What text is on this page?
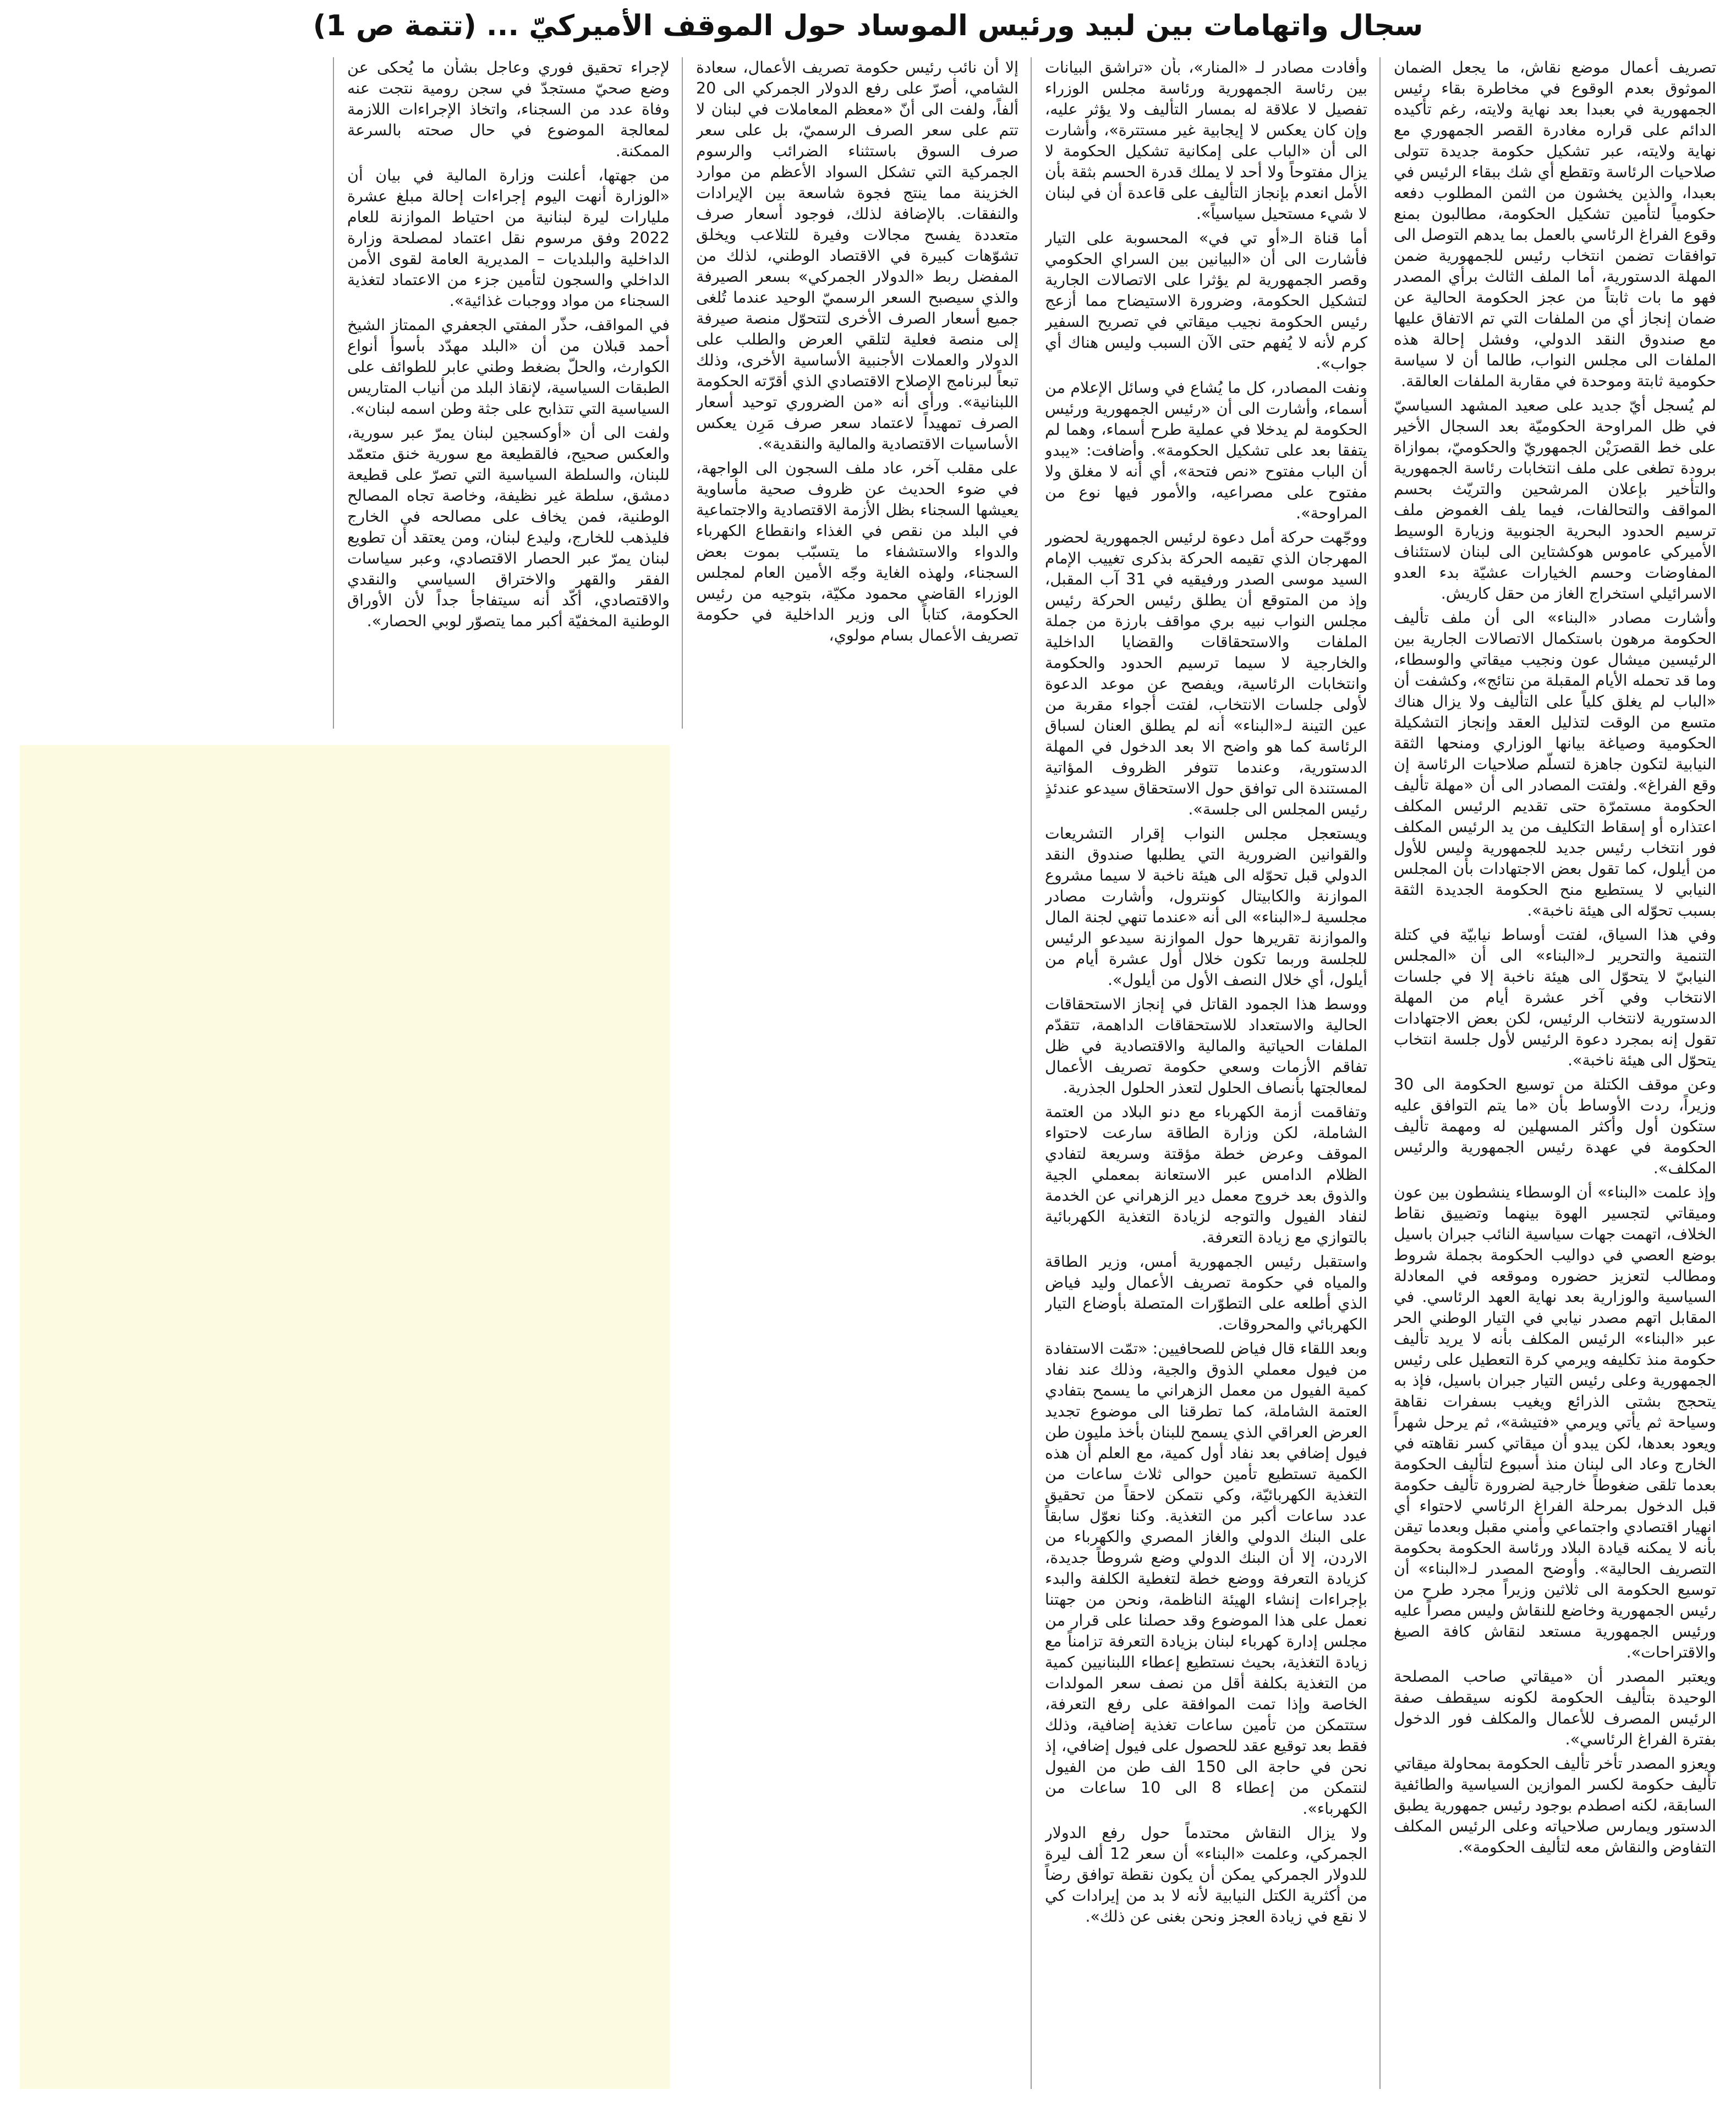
سجال واتهامات بين لبيد ورئيس الموساد حول الموقف الأميركيّ ... (تتمة ص 1)

تصريف أعمال موضع نقاش، ما يجعل الضمان الموثوق بعدم الوقوع في مخاطرة بقاء رئيس الجمهورية في بعبدا بعد نهاية ولايته، رغم تأكيده الدائم على قراره مغادرة القصر الجمهوري مع نهاية ولايته، عبر تشكيل حكومة جديدة تتولى صلاحيات الرئاسة وتقطع أي شك ببقاء الرئيس في بعبدا، والذين يخشون من الثمن المطلوب دفعه حكومياً لتأمين تشكيل الحكومة، مطالبون بمنع وقوع الفراغ الرئاسي بالعمل بما يدهم التوصل الى توافقات تضمن انتخاب رئيس للجمهورية ضمن المهلة الدستورية، أما الملف الثالث برأي المصدر فهو ما بات ثابتاً من عجز الحكومة الحالية عن ضمان إنجاز أي من الملفات التي تم الاتفاق عليها مع صندوق النقد الدولي، وفشل إحالة هذه الملفات الى مجلس النواب، طالما أن لا سياسة حكومية ثابتة وموحدة في مقاربة الملفات العالقة.

لم يُسجل أيّ جديد على صعيد المشهد السياسيّ في ظل المراوحة الحكوميّة بعد السجال الأخير على خط القصرَيْن الجمهوريّ والحكوميّ، بموازاة برودة تطغى على ملف انتخابات رئاسة الجمهورية والتأخير بإعلان المرشحين والتريّث بحسم المواقف والتحالفات، فيما يلف الغموض ملف ترسيم الحدود البحرية الجنوبية وزيارة الوسيط الأميركي عاموس هوكشتاين الى لبنان لاستئناف المفاوضات وحسم الخيارات عشيّة بدء العدو الاسرائيلي استخراج الغاز من حقل كاريش.

وأشارت مصادر «البناء» الى أن ملف تأليف الحكومة مرهون باستكمال الاتصالات الجارية بين الرئيسين ميشال عون ونجيب ميقاتي والوسطاء، وما قد تحمله الأيام المقبلة من نتائج»، وكشفت أن «الباب لم يغلق كلياً على التأليف ولا يزال هناك متسع من الوقت لتذليل العقد وإنجاز التشكيلة الحكومية وصياغة بيانها الوزاري ومنحها الثقة النيابية لتكون جاهزة لتسلّم صلاحيات الرئاسة إن وقع الفراغ». ولفتت المصادر الى أن «مهلة تأليف الحكومة مستمرّة حتى تقديم الرئيس المكلف اعتذاره أو إسقاط التكليف من يد الرئيس المكلف فور انتخاب رئيس جديد للجمهورية وليس للأول من أيلول، كما تقول بعض الاجتهادات بأن المجلس النيابي لا يستطيع منح الحكومة الجديدة الثقة بسبب تحوّله الى هيئة ناخبة».

وفي هذا السياق، لفتت أوساط نيابيّة في كتلة التنمية والتحرير لـ«البناء» الى أن «المجلس النيابيّ لا يتحوّل الى هيئة ناخبة إلا في جلسات الانتخاب وفي آخر عشرة أيام من المهلة الدستورية لانتخاب الرئيس، لكن بعض الاجتهادات تقول إنه بمجرد دعوة الرئيس لأول جلسة انتخاب يتحوّل الى هيئة ناخبة».

وعن موقف الكتلة من توسيع الحكومة الى 30 وزيراً، ردت الأوساط بأن «ما يتم التوافق عليه ستكون أول وأكثر المسهلين له ومهمة تأليف الحكومة في عهدة رئيس الجمهورية والرئيس المكلف».

وإذ علمت «البناء» أن الوسطاء ينشطون بين عون وميقاتي لتجسير الهوة بينهما وتضييق نقاط الخلاف، اتهمت جهات سياسية النائب جبران باسيل بوضع العصي في دواليب الحكومة بجملة شروط ومطالب لتعزيز حضوره وموقعه في المعادلة السياسية والوزارية بعد نهاية العهد الرئاسي. في المقابل اتهم مصدر نيابي في التيار الوطني الحر عبر «البناء» الرئيس المكلف بأنه لا يريد تأليف حكومة منذ تكليفه ويرمي كرة التعطيل على رئيس الجمهورية وعلى رئيس التيار جبران باسيل، فإذ به يتحجج بشتى الذرائع ويغيب بسفرات نقاهة وسياحة ثم يأتي ويرمي «فتيشة»، ثم يرحل شهراً ويعود بعدها، لكن يبدو أن ميقاتي كسر نقاهته في الخارج وعاد الى لبنان منذ أسبوع لتأليف الحكومة بعدما تلقى ضغوطاً خارجية لضرورة تأليف حكومة قبل الدخول بمرحلة الفراغ الرئاسي لاحتواء أي انهيار اقتصادي واجتماعي وأمني مقبل وبعدما تيقن بأنه لا يمكنه قيادة البلاد ورئاسة الحكومة بحكومة التصريف الحالية». وأوضح المصدر لـ«البناء» أن توسيع الحكومة الى ثلاثين وزيراً مجرد طرح من رئيس الجمهورية وخاضع للنقاش وليس مصراً عليه ورئيس الجمهورية مستعد لنقاش كافة الصيغ والاقتراحات».

ويعتبر المصدر أن «ميقاتي صاحب المصلحة الوحيدة بتأليف الحكومة لكونه سيقطف صفة الرئيس المصرف للأعمال والمكلف فور الدخول بفترة الفراغ الرئاسي».

ويعزو المصدر تأخر تأليف الحكومة بمحاولة ميقاتي تأليف حكومة لكسر الموازين السياسية والطائفية السابقة، لكنه اصطدم بوجود رئيس جمهورية يطبق الدستور ويمارس صلاحياته وعلى الرئيس المكلف التفاوض والنقاش معه لتأليف الحكومة».

وأفادت مصادر لـ «المنار»، بأن «تراشق البيانات بين رئاسة الجمهورية ورئاسة مجلس الوزراء تفصيل لا علاقة له بمسار التأليف ولا يؤثر عليه، وإن كان يعكس لا إيجابية غير مستترة»، وأشارت الى أن «الباب على إمكانية تشكيل الحكومة لا يزال مفتوحاً ولا أحد لا يملك قدرة الحسم بثقة بأن الأمل انعدم بإنجاز التأليف على قاعدة أن في لبنان لا شيء مستحيل سياسياً».

أما قناة الـ«أو تي في» المحسوبة على التيار فأشارت الى أن «البيانين بين السراي الحكومي وقصر الجمهورية لم يؤثرا على الاتصالات الجارية لتشكيل الحكومة، وضرورة الاستيضاح مما أزعج رئيس الحكومة نجيب ميقاتي في تصريح السفير كرم لأنه لا يُفهم حتى الآن السبب وليس هناك أي جواب».

ونفت المصادر، كل ما يُشاع في وسائل الإعلام من أسماء، وأشارت الى أن «رئيس الجمهورية ورئيس الحكومة لم يدخلا في عملية طرح أسماء، وهما لم يتفقا بعد على تشكيل الحكومة». وأضافت: «يبدو أن الباب مفتوح «نص فتحة»، أي أنه لا مغلق ولا مفتوح على مصراعيه، والأمور فيها نوع من المراوحة».

ووجّهت حركة أمل دعوة لرئيس الجمهورية لحضور المهرجان الذي تقيمه الحركة بذكرى تغييب الإمام السيد موسى الصدر ورفيقيه في 31 آب المقبل، وإذ من المتوقع أن يطلق رئيس الحركة رئيس مجلس النواب نبيه بري مواقف بارزة من جملة الملفات والاستحقاقات والقضايا الداخلية والخارجية لا سيما ترسيم الحدود والحكومة وانتخابات الرئاسية، ويفصح عن موعد الدعوة لأولى جلسات الانتخاب، لفتت أجواء مقربة من عين التينة لـ«البناء» أنه لم يطلق العنان لسباق الرئاسة كما هو واضح الا بعد الدخول في المهلة الدستورية، وعندما تتوفر الظروف المؤاتية المستندة الى توافق حول الاستحقاق سيدعو عندئذٍ رئيس المجلس الى جلسة».

ويستعجل مجلس النواب إقرار التشريعات والقوانين الضرورية التي يطلبها صندوق النقد الدولي قبل تحوّله الى هيئة ناخبة لا سيما مشروع الموازنة والكابيتال كونترول، وأشارت مصادر مجلسية لـ«البناء» الى أنه «عندما تنهي لجنة المال والموازنة تقريرها حول الموازنة سيدعو الرئيس للجلسة وربما تكون خلال أول عشرة أيام من أيلول، أي خلال النصف الأول من أيلول».

ووسط هذا الجمود القاتل في إنجاز الاستحقاقات الحالية والاستعداد للاستحقاقات الداهمة، تتقدّم الملفات الحياتية والمالية والاقتصادية في ظل تفاقم الأزمات وسعي حكومة تصريف الأعمال لمعالجتها بأنصاف الحلول لتعذر الحلول الجذرية.

وتفاقمت أزمة الكهرباء مع دنو البلاد من العتمة الشاملة، لكن وزارة الطاقة سارعت لاحتواء الموقف وعرض خطة مؤقتة وسريعة لتفادي الظلام الدامس عبر الاستعانة بمعملي الجية والذوق بعد خروج معمل دير الزهراني عن الخدمة لنفاد الفيول والتوجه لزيادة التغذية الكهربائية بالتوازي مع زيادة التعرفة.

واستقبل رئيس الجمهورية أمس، وزير الطاقة والمياه في حكومة تصريف الأعمال وليد فياض الذي أطلعه على التطوّرات المتصلة بأوضاع التيار الكهربائي والمحروقات.

وبعد اللقاء قال فياض للصحافيين: «تمّت الاستفادة من فيول معملي الذوق والجية، وذلك عند نفاد كمية الفيول من معمل الزهراني ما يسمح بتفادي العتمة الشاملة، كما تطرقنا الى موضوع تجديد العرض العراقي الذي يسمح للبنان بأخذ مليون طن فيول إضافي بعد نفاد أول كمية، مع العلم أن هذه الكمية تستطيع تأمين حوالى ثلاث ساعات من التغذية الكهربائيّة، وكي نتمكن لاحقاً من تحقيق عدد ساعات أكبر من التغذية. وكنا نعوّل سابقاً على البنك الدولي والغاز المصري والكهرباء من الاردن، إلا أن البنك الدولي وضع شروطاً جديدة، كزيادة التعرفة ووضع خطة لتغطية الكلفة والبدء بإجراءات إنشاء الهيئة الناظمة، ونحن من جهتنا نعمل على هذا الموضوع وقد حصلنا على قرار من مجلس إدارة كهرباء لبنان بزيادة التعرفة تزامناً مع زيادة التغذية، بحيث نستطيع إعطاء اللبنانيين كمية من التغذية بكلفة أقل من نصف سعر المولدات الخاصة وإذا تمت الموافقة على رفع التعرفة، ستتمكن من تأمين ساعات تغذية إضافية، وذلك فقط بعد توقيع عقد للحصول على فيول إضافي، إذ نحن في حاجة الى 150 الف طن من الفيول لنتمكن من إعطاء 8 الى 10 ساعات من الكهرباء».

ولا يزال النقاش محتدماً حول رفع الدولار الجمركي، وعلمت «البناء» أن سعر 12 ألف ليرة للدولار الجمركي يمكن أن يكون نقطة توافق رضاً من أكثرية الكتل النيابية لأنه لا بد من إيرادات كي لا نقع في زيادة العجز ونحن بغنى عن ذلك».

إلا أن نائب رئيس حكومة تصريف الأعمال، سعادة الشامي، أصرّ على رفع الدولار الجمركي الى 20 ألفاً، ولفت الى أنّ «معظم المعاملات في لبنان لا تتم على سعر الصرف الرسميّ، بل على سعر صرف السوق باستثناء الضرائب والرسوم الجمركية التي تشكل السواد الأعظم من موارد الخزينة مما ينتج فجوة شاسعة بين الإيرادات والنفقات. بالإضافة لذلك، فوجود أسعار صرف متعددة يفسح مجالات وفيرة للتلاعب ويخلق تشوّهات كبيرة في الاقتصاد الوطني، لذلك من المفضل ربط «الدولار الجمركي» بسعر الصيرفة والذي سيصبح السعر الرسميّ الوحيد عندما تُلغى جميع أسعار الصرف الأخرى لتتحوّل منصة صيرفة إلى منصة فعلية لتلقي العرض والطلب على الدولار والعملات الأجنبية الأساسية الأخرى، وذلك تبعاً لبرنامج الإصلاح الاقتصادي الذي أقرّته الحكومة اللبنانية». ورأى أنه «من الضروري توحيد أسعار الصرف تمهيداً لاعتماد سعر صرف مَرِن يعكس الأساسيات الاقتصادية والمالية والنقدية».

على مقلب آخر، عاد ملف السجون الى الواجهة، في ضوء الحديث عن ظروف صحية مأساوية يعيشها السجناء بظل الأزمة الاقتصادية والاجتماعية في البلد من نقص في الغذاء وانقطاع الكهرباء والدواء والاستشفاء ما يتسبّب بموت بعض السجناء، ولهذه الغاية وجّه الأمين العام لمجلس الوزراء القاضي محمود مكيّة، بتوجيه من رئيس الحكومة، كتاباً الى وزير الداخلية في حكومة تصريف الأعمال بسام مولوي،

لإجراء تحقيق فوري وعاجل بشأن ما يُحكى عن وضع صحيّ مستجدّ في سجن رومية نتجت عنه وفاة عدد من السجناء، واتخاذ الإجراءات اللازمة لمعالجة الموضوع في حال صحته بالسرعة الممكنة.

من جهتها، أعلنت وزارة المالية في بيان أن «الوزارة أنهت اليوم إجراءات إحالة مبلغ عشرة مليارات ليرة لبنانية من احتياط الموازنة للعام 2022 وفق مرسوم نقل اعتماد لمصلحة وزارة الداخلية والبلديات – المديرية العامة لقوى الأمن الداخلي والسجون لتأمين جزء من الاعتماد لتغذية السجناء من مواد ووجبات غذائية».

في المواقف، حذّر المفتي الجعفري الممتاز الشيخ أحمد قبلان من أن «البلد مهدّد بأسوأ أنواع الكوارث، والحلّ بضغط وطني عابر للطوائف على الطبقات السياسية، لإنقاذ البلد من أنياب المتاريس السياسية التي تتذابح على جثة وطن اسمه لبنان».

ولفت الى أن «أوكسجين لبنان يمرّ عبر سورية، والعكس صحيح، فالقطيعة مع سورية خنق متعمّد للبنان، والسلطة السياسية التي تصرّ على قطيعة دمشق، سلطة غير نظيفة، وخاصة تجاه المصالح الوطنية، فمن يخاف على مصالحه في الخارج فليذهب للخارج، وليدع لبنان، ومن يعتقد أن تطويع لبنان يمرّ عبر الحصار الاقتصادي، وعبر سياسات الفقر والقهر والاختراق السياسي والنقدي والاقتصادي، أكّد أنه سيتفاجأ جداً لأن الأوراق الوطنية المخفيّة أكبر مما يتصوّر لوبي الحصار».
